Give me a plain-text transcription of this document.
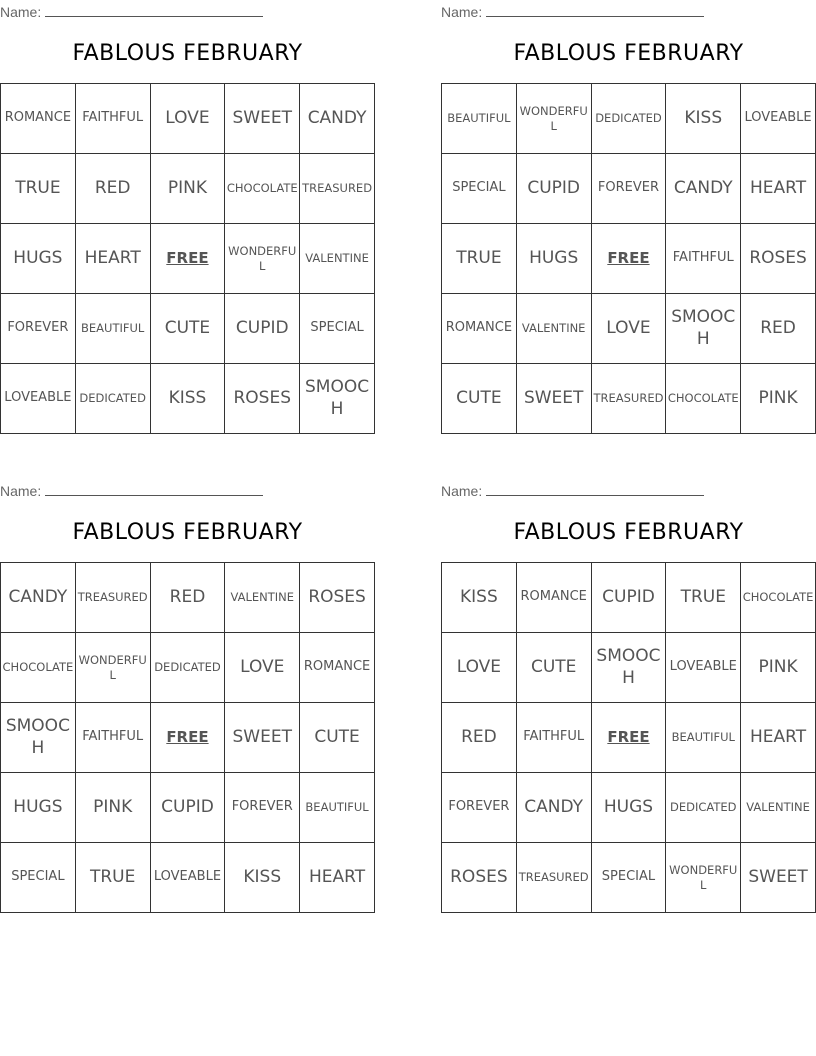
Name:
FABLOUS FEBRUARY
ROMANCE	FAITHFUL	LOVE	SWEET	CANDY
TRUE	RED	PINK	CHOCOLATE	TREASURED
HUGS	HEART	FREE	WONDERFUL	VALENTINE
FOREVER	BEAUTIFUL	CUTE	CUPID	SPECIAL
LOVEABLE	DEDICATED	KISS	ROSES	SMOOCH
Name:
FABLOUS FEBRUARY
BEAUTIFUL	WONDERFUL	DEDICATED	KISS	LOVEABLE
SPECIAL	CUPID	FOREVER	CANDY	HEART
TRUE	HUGS	FREE	FAITHFUL	ROSES
ROMANCE	VALENTINE	LOVE	SMOOCH	RED
CUTE	SWEET	TREASURED	CHOCOLATE	PINK
Name:
FABLOUS FEBRUARY
CANDY	TREASURED	RED	VALENTINE	ROSES
CHOCOLATE	WONDERFUL	DEDICATED	LOVE	ROMANCE
SMOOCH	FAITHFUL	FREE	SWEET	CUTE
HUGS	PINK	CUPID	FOREVER	BEAUTIFUL
SPECIAL	TRUE	LOVEABLE	KISS	HEART
Name:
FABLOUS FEBRUARY
KISS	ROMANCE	CUPID	TRUE	CHOCOLATE
LOVE	CUTE	SMOOCH	LOVEABLE	PINK
RED	FAITHFUL	FREE	BEAUTIFUL	HEART
FOREVER	CANDY	HUGS	DEDICATED	VALENTINE
ROSES	TREASURED	SPECIAL	WONDERFUL	SWEET
